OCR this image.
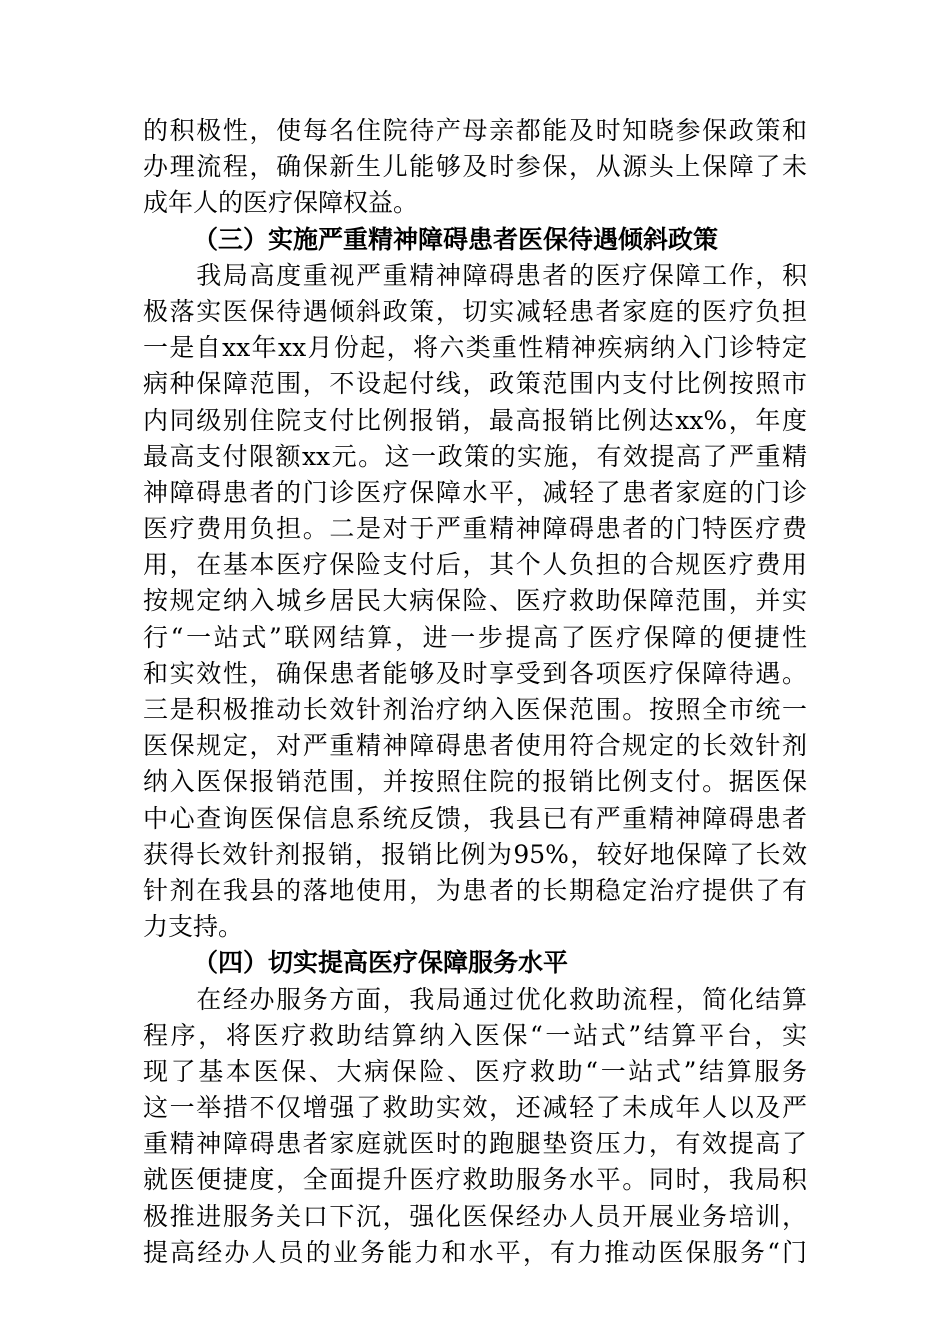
的积极性，使每名住院待产母亲都能及时知晓参保政策和
办理流程，确保新生儿能够及时参保，从源头上保障了未
成年人的医疗保障权益。
（三）实施严重精神障碍患者医保待遇倾斜政策
　　我局高度重视严重精神障碍患者的医疗保障工作，积
极落实医保待遇倾斜政策，切实减轻患者家庭的医疗负担
一是自xx年xx月份起，将六类重性精神疾病纳入门诊特定
病种保障范围，不设起付线，政策范围内支付比例按照市
内同级别住院支付比例报销，最高报销比例达xx%，年度
最高支付限额xx元。这一政策的实施，有效提高了严重精
神障碍患者的门诊医疗保障水平，减轻了患者家庭的门诊
医疗费用负担。二是对于严重精神障碍患者的门特医疗费
用，在基本医疗保险支付后，其个人负担的合规医疗费用
按规定纳入城乡居民大病保险、医疗救助保障范围，并实
行“一站式”联网结算，进一步提高了医疗保障的便捷性
和实效性，确保患者能够及时享受到各项医疗保障待遇。
三是积极推动长效针剂治疗纳入医保范围。按照全市统一
医保规定，对严重精神障碍患者使用符合规定的长效针剂
纳入医保报销范围，并按照住院的报销比例支付。据医保
中心查询医保信息系统反馈，我县已有严重精神障碍患者
获得长效针剂报销，报销比例为95%，较好地保障了长效
针剂在我县的落地使用，为患者的长期稳定治疗提供了有
力支持。
（四）切实提高医疗保障服务水平
　　在经办服务方面，我局通过优化救助流程，简化结算
程序，将医疗救助结算纳入医保“一站式”结算平台，实
现了基本医保、大病保险、医疗救助“一站式”结算服务
这一举措不仅增强了救助实效，还减轻了未成年人以及严
重精神障碍患者家庭就医时的跑腿垫资压力，有效提高了
就医便捷度，全面提升医疗救助服务水平。同时，我局积
极推进服务关口下沉，强化医保经办人员开展业务培训，
提高经办人员的业务能力和水平，有力推动医保服务“门
